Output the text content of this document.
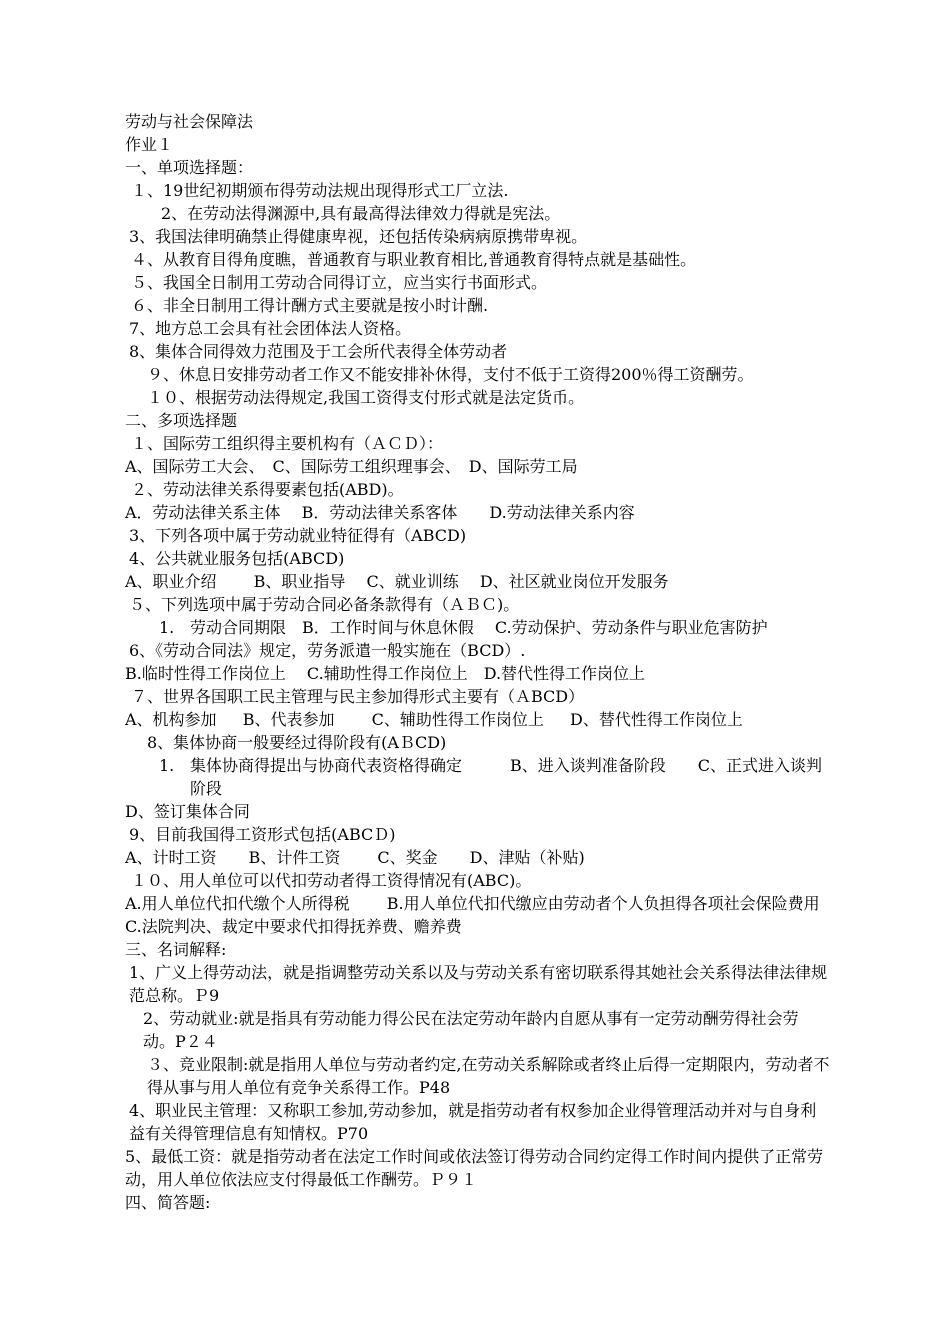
劳动与社会保障法
作业１
一、单项选择题：
１、19世纪初期颁布得劳动法规出现得形式工厂立法.
2、在劳动法得渊源中,具有最高得法律效力得就是宪法。
3、我国法律明确禁止得健康卑视，还包括传染病病原携带卑视。
４、从教育目得角度瞧，普通教育与职业教育相比,普通教育得特点就是基础性。
５、我国全日制用工劳动合同得订立，应当实行书面形式。
６、非全日制用工得计酬方式主要就是按小时计酬.
7、地方总工会具有社会团体法人资格。
8、集体合同得效力范围及于工会所代表得全体劳动者
９、休息日安排劳动者工作又不能安排补休得，支付不低于工资得200％得工资酬劳。
１０、根据劳动法得规定,我国工资得支付形式就是法定货币。
二、多项选择题
１、国际劳工组织得主要机构有（ＡＣＤ）：
A、国际劳工大会、　C、国际劳工组织理事会、　D、国际劳工局
２、劳动法律关系得要素包括(ABD)。
A．劳动法律关系主体　 B．劳动法律关系客体　　D.劳动法律关系内容
3、下列各项中属于劳动就业特征得有（ABCD)
4、公共就业服务包括(ABCD)
A、职业介绍　　 B、职业指导　 C、就业训练　 D、社区就业岗位开发服务
５、下列选项中属于劳动合同必备条款得有（ＡＢＣ)。
1. 劳动合同期限　B．工作时间与休息休假　 C.劳动保护、劳动条件与职业危害防护
6、《劳动合同法》规定，劳务派遣一般实施在（BCD）.
B.临时性得工作岗位上　 C.辅助性得工作岗位上　D.替代性得工作岗位上
７、世界各国职工民主管理与民主参加得形式主要有（ＡBCD）
A、机构参加　  B、代表参加　　 C、辅助性得工作岗位上　  D、替代性得工作岗位上
8、集体协商一般要经过得阶段有(AＢCD)
1. 集体协商得提出与协商代表资格得确定　　　B、进入谈判准备阶段　　C、正式进入谈判阶段
D、签订集体合同
9、目前我国得工资形式包括(ABCＤ)
A、计时工资　　B、计件工资　　 C、奖金　　D、津贴（补贴)
１０、用人单位可以代扣劳动者得工资得情况有(ABC)。
A.用人单位代扣代缴个人所得税　　 B.用人单位代扣代缴应由劳动者个人负担得各项社会保险费用　 C.法院判决、裁定中要求代扣得抚养费、赡养费
三、名词解释:
1、广义上得劳动法，就是指调整劳动关系以及与劳动关系有密切联系得其她社会关系得法律法律规范总称。Ｐ9
2、劳动就业:就是指具有劳动能力得公民在法定劳动年龄内自愿从事有一定劳动酬劳得社会劳动。P２４
３、竞业限制:就是指用人单位与劳动者约定,在劳动关系解除或者终止后得一定期限内，劳动者不得从事与用人单位有竞争关系得工作。P48
4、职业民主管理：又称职工参加,劳动参加，就是指劳动者有权参加企业得管理活动并对与自身利益有关得管理信息有知情权。P70
5、最低工资：就是指劳动者在法定工作时间或依法签订得劳动合同约定得工作时间内提供了正常劳动，用人单位依法应支付得最低工作酬劳。Ｐ９１
四、简答题:
